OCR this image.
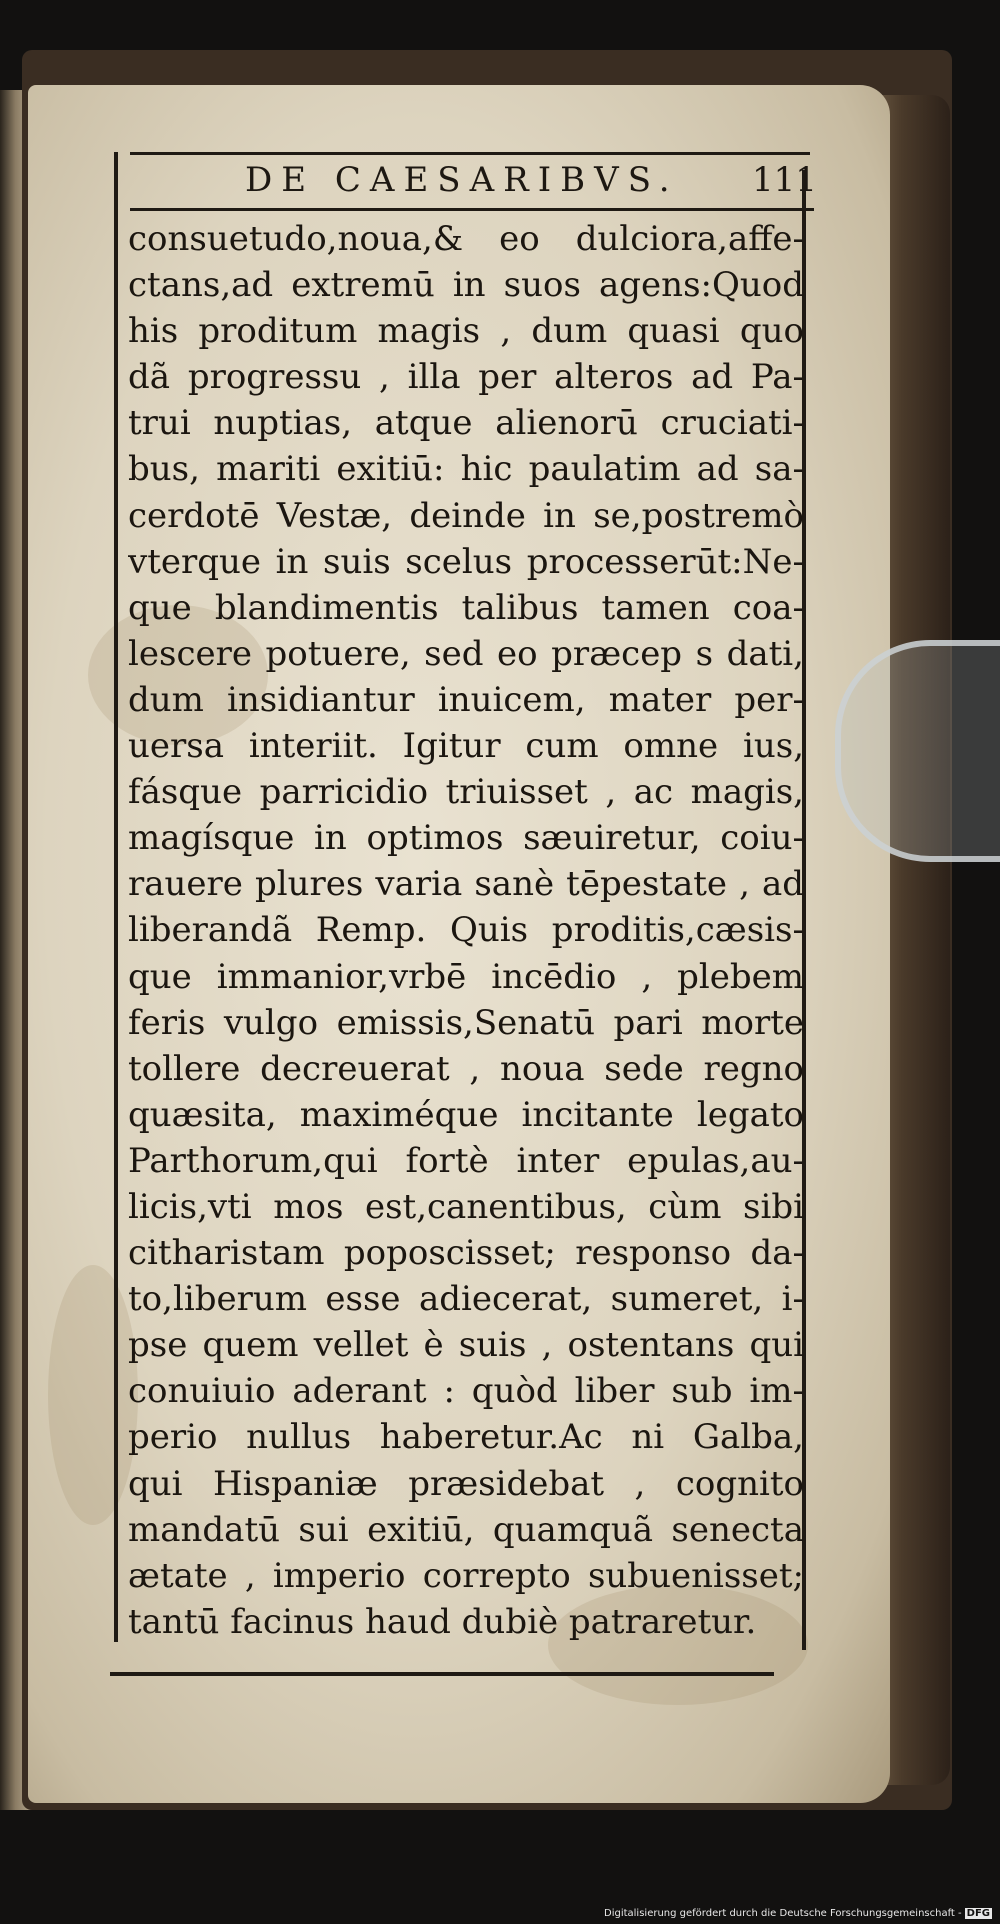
DE CAESARIBVS. 111
consuetudo,noua,& eo dulciora,affe-
ctans,ad extremū in suos agens:Quod
his proditum magis , dum quasi quo
dã progressu , illa per alteros ad Pa-
trui nuptias, atque alienorū cruciati-
bus, mariti exitiū: hic paulatim ad sa-
cerdotē Vestæ, deinde in se,postremò
vterque in suis scelus processerūt:Ne-
que blandimentis talibus tamen coa-
lescere potuere, sed eo præcep s dati,
dum insidiantur inuicem, mater per-
uersa interiit. Igitur cum omne ius,
fásque parricidio triuisset , ac magis,
magísque in optimos sæuiretur, coiu-
rauere plures varia sanè tēpestate , ad
liberandã Remp. Quis proditis,cæsis-
que immanior,vrbē incēdio , plebem
feris vulgo emissis,Senatū pari morte
tollere decreuerat , noua sede regno
quæsita, maximéque incitante legato
Parthorum,qui fortè inter epulas,au-
licis,vti mos est,canentibus, cùm sibi
citharistam poposcisset; responso da-
to,liberum esse adiecerat, sumeret, i-
pse quem vellet è suis , ostentans qui
conuiuio aderant : quòd liber sub im-
perio nullus haberetur.Ac ni Galba,
qui Hispaniæ præsidebat , cognito
mandatū sui exitiū, quamquã senecta
ætate , imperio correpto subuenisset;
tantū facinus haud dubiè patraretur.
Digitalisierung gefördert durch die Deutsche Forschungsgemeinschaft - DFG
